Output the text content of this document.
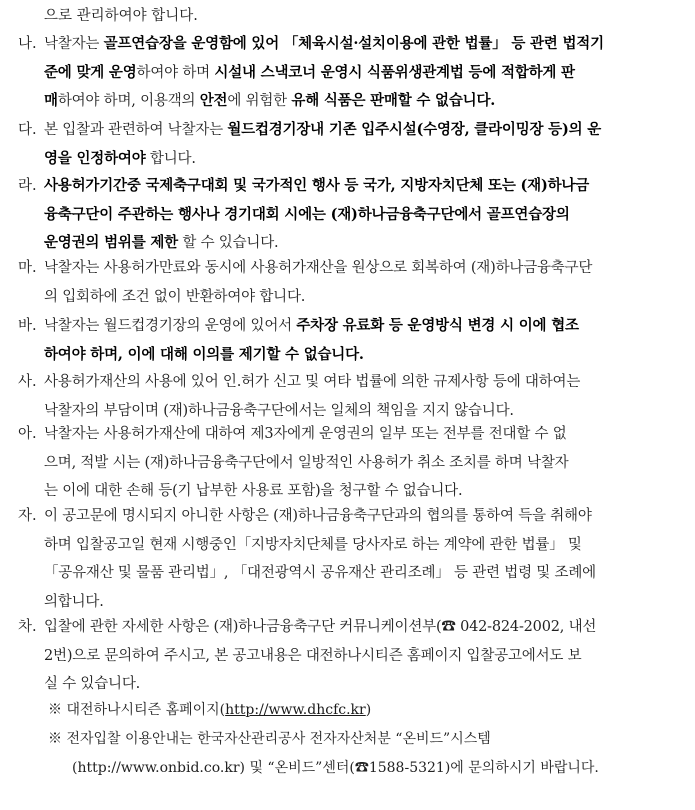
으로 관리하여야 합니다.
나. 낙찰자는 골프연습장을 운영함에 있어 「체육시설·설치이용에 관한 법률」 등 관련 법적기
준에 맞게 운영하여야 하며 시설내 스낵코너 운영시 식품위생관계법 등에 적합하게 판
매하여야 하며, 이용객의 안전에 위험한 유해 식품은 판매할 수 없습니다.
다. 본 입찰과 관련하여 낙찰자는 월드컵경기장내 기존 입주시설(수영장, 클라이밍장 등)의 운
영을 인정하여야 합니다.
라. 사용허가기간중 국제축구대회 및 국가적인 행사 등 국가, 지방자치단체 또는 (재)하나금
융축구단이 주관하는 행사나 경기대회 시에는 (재)하나금융축구단에서 골프연습장의
운영권의 범위를 제한 할 수 있습니다.
마. 낙찰자는 사용허가만료와 동시에 사용허가재산을 원상으로 회복하여 (재)하나금융축구단
의 입회하에 조건 없이 반환하여야 합니다.
바. 낙찰자는 월드컵경기장의 운영에 있어서 주차장 유료화 등 운영방식 변경 시 이에 협조
하여야 하며, 이에 대해 이의를 제기할 수 없습니다.
사. 사용허가재산의 사용에 있어 인.허가 신고 및 여타 법률에 의한 규제사항 등에 대하여는
낙찰자의 부담이며 (재)하나금융축구단에서는 일체의 책임을 지지 않습니다.
아. 낙찰자는 사용허가재산에 대하여 제3자에게 운영권의 일부 또는 전부를 전대할 수 없
으며, 적발 시는 (재)하나금융축구단에서 일방적인 사용허가 취소 조치를 하며 낙찰자
는 이에 대한 손해 등(기 납부한 사용료 포함)을 청구할 수 없습니다.
자. 이 공고문에 명시되지 아니한 사항은 (재)하나금융축구단과의 협의를 통하여 득을 취해야
하며 입찰공고일 현재 시행중인「지방자치단체를 당사자로 하는 계약에 관한 법률」 및
「공유재산 및 물품 관리법」, 「대전광역시 공유재산 관리조례」 등 관련 법령 및 조례에
의합니다.
차. 입찰에 관한 자세한 사항은 (재)하나금융축구단 커뮤니케이션부(☎ 042-824-2002, 내선
2번)으로 문의하여 주시고, 본 공고내용은 대전하나시티즌 홈페이지 입찰공고에서도 보
실 수 있습니다.
※ 대전하나시티즌 홈페이지(http://www.dhcfc.kr)
※ 전자입찰 이용안내는 한국자산관리공사 전자자산처분 “온비드”시스템
(http://www.onbid.co.kr) 및 “온비드”센터(☎1588-5321)에 문의하시기 바랍니다.
